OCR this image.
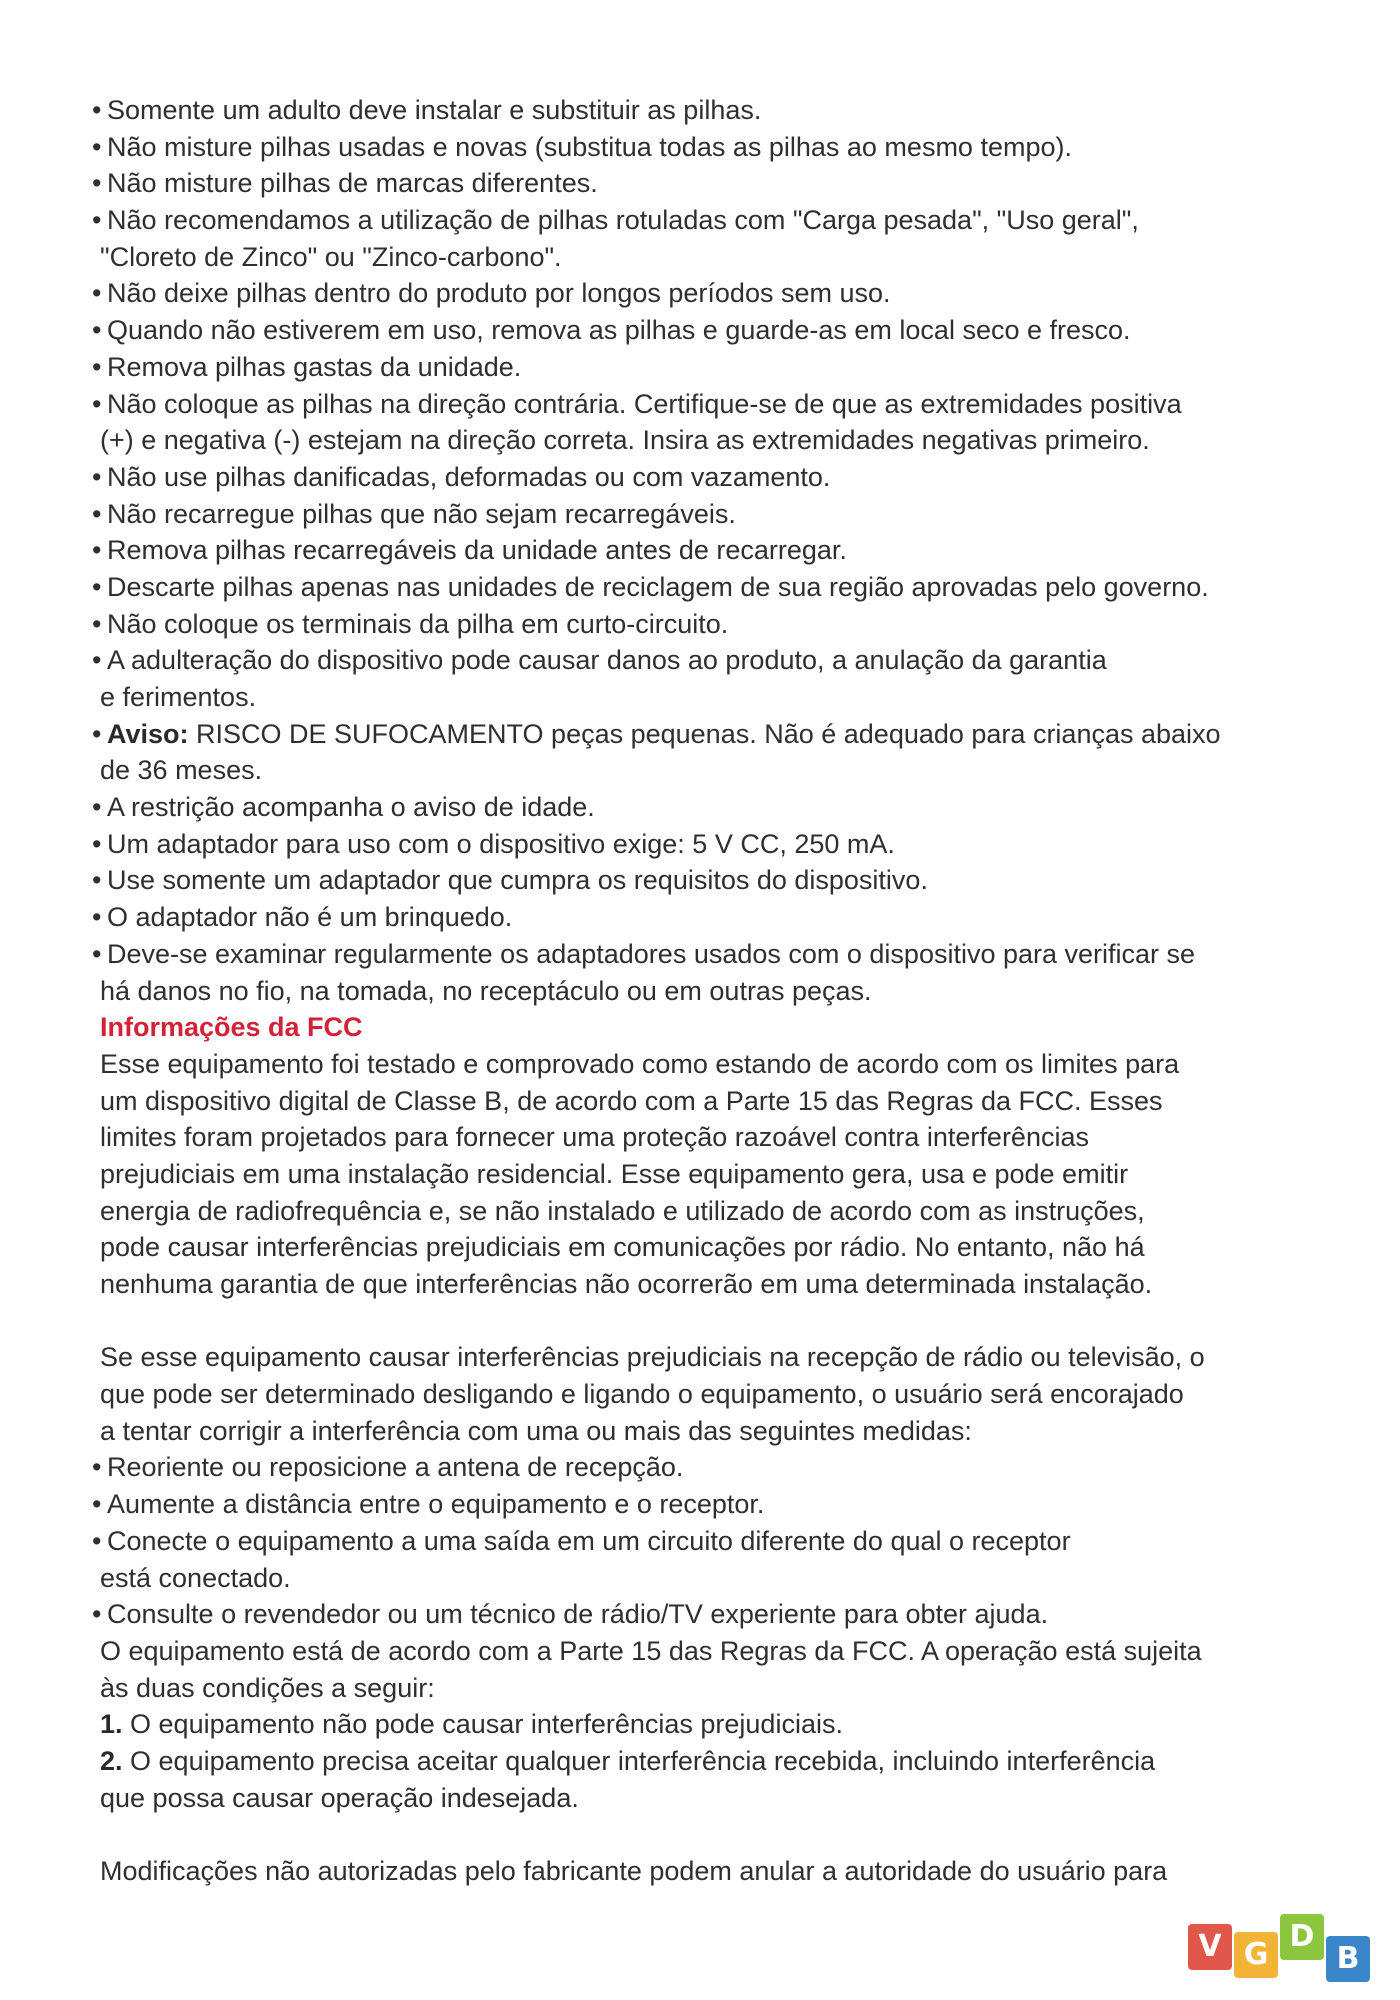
• Somente um adulto deve instalar e substituir as pilhas.
• Não misture pilhas usadas e novas (substitua todas as pilhas ao mesmo tempo).
• Não misture pilhas de marcas diferentes.
• Não recomendamos a utilização de pilhas rotuladas com "Carga pesada", "Uso geral",
"Cloreto de Zinco" ou "Zinco-carbono".
• Não deixe pilhas dentro do produto por longos períodos sem uso.
• Quando não estiverem em uso, remova as pilhas e guarde-as em local seco e fresco.
• Remova pilhas gastas da unidade.
• Não coloque as pilhas na direção contrária. Certifique-se de que as extremidades positiva
(+) e negativa (-) estejam na direção correta. Insira as extremidades negativas primeiro.
• Não use pilhas danificadas, deformadas ou com vazamento.
• Não recarregue pilhas que não sejam recarregáveis.
• Remova pilhas recarregáveis da unidade antes de recarregar.
• Descarte pilhas apenas nas unidades de reciclagem de sua região aprovadas pelo governo.
• Não coloque os terminais da pilha em curto-circuito.
• A adulteração do dispositivo pode causar danos ao produto, a anulação da garantia
e ferimentos.
• Aviso: RISCO DE SUFOCAMENTO peças pequenas. Não é adequado para crianças abaixo
de 36 meses.
• A restrição acompanha o aviso de idade.
• Um adaptador para uso com o dispositivo exige: 5 V CC, 250 mA.
• Use somente um adaptador que cumpra os requisitos do dispositivo.
• O adaptador não é um brinquedo.
• Deve-se examinar regularmente os adaptadores usados com o dispositivo para verificar se
há danos no fio, na tomada, no receptáculo ou em outras peças.
Informações da FCC
Esse equipamento foi testado e comprovado como estando de acordo com os limites para
um dispositivo digital de Classe B, de acordo com a Parte 15 das Regras da FCC. Esses
limites foram projetados para fornecer uma proteção razoável contra interferências
prejudiciais em uma instalação residencial. Esse equipamento gera, usa e pode emitir
energia de radiofrequência e, se não instalado e utilizado de acordo com as instruções,
pode causar interferências prejudiciais em comunicações por rádio. No entanto, não há
nenhuma garantia de que interferências não ocorrerão em uma determinada instalação.
Se esse equipamento causar interferências prejudiciais na recepção de rádio ou televisão, o
que pode ser determinado desligando e ligando o equipamento, o usuário será encorajado
a tentar corrigir a interferência com uma ou mais das seguintes medidas:
• Reoriente ou reposicione a antena de recepção.
• Aumente a distância entre o equipamento e o receptor.
• Conecte o equipamento a uma saída em um circuito diferente do qual o receptor
está conectado.
• Consulte o revendedor ou um técnico de rádio/TV experiente para obter ajuda.
O equipamento está de acordo com a Parte 15 das Regras da FCC. A operação está sujeita
às duas condições a seguir:
1. O equipamento não pode causar interferências prejudiciais.
2. O equipamento precisa aceitar qualquer interferência recebida, incluindo interferência
que possa causar operação indesejada.
Modificações não autorizadas pelo fabricante podem anular a autoridade do usuário para
V G
D
B
